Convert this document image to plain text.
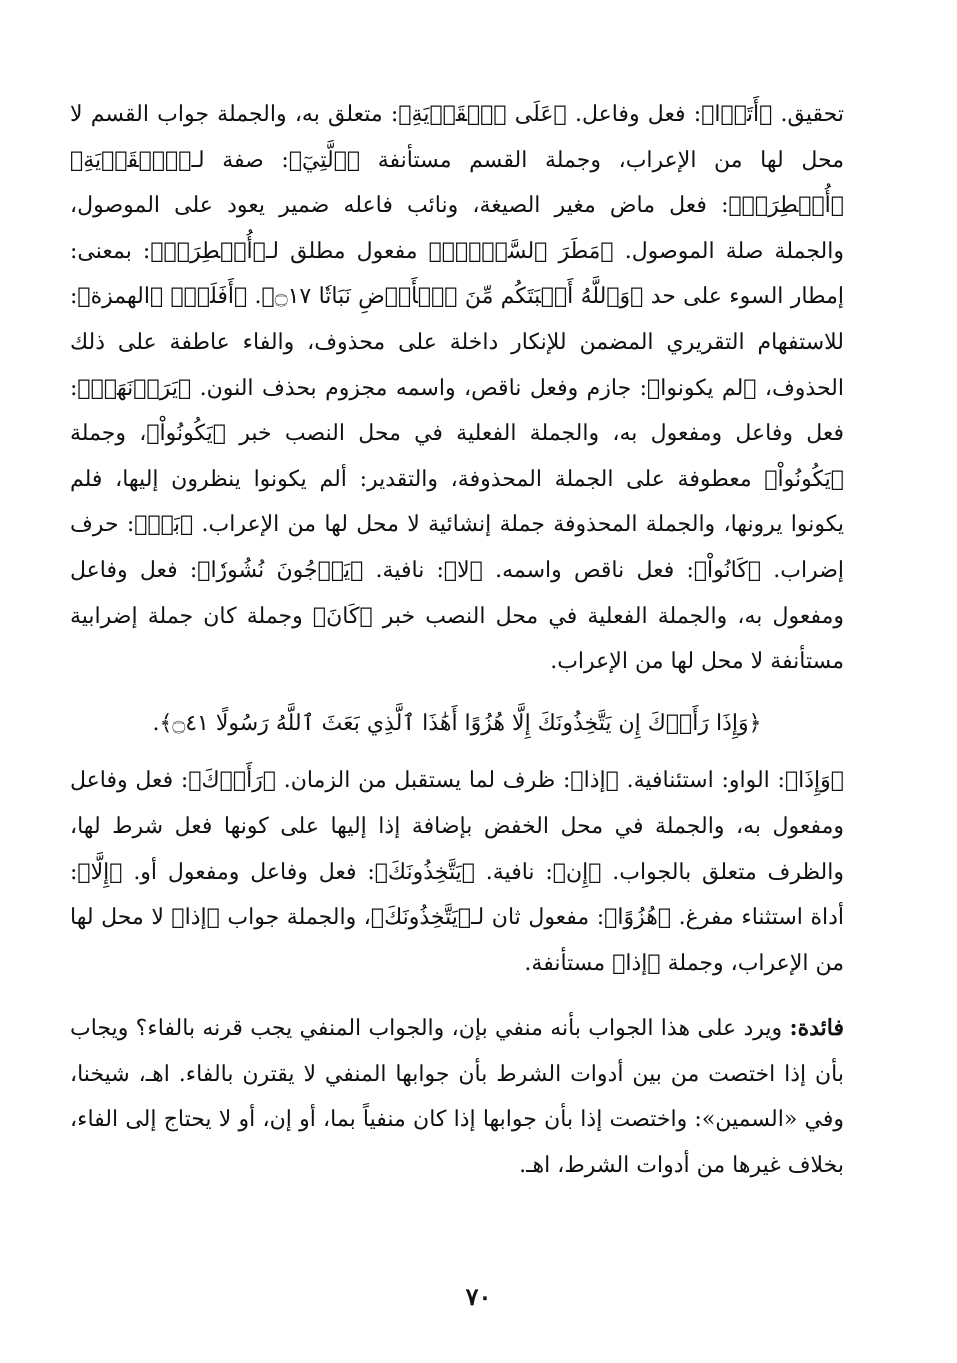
تحقيق. ﴿أَتَوۡا﴾: فعل وفاعل. ﴿عَلَى ٱلۡقَرۡيَةِ﴾: متعلق به، والجملة جواب القسم لا محل لها من الإعراب، وجملة القسم مستأنفة ﴿ٱلَّتِيٓ﴾: صفة لـ﴿ٱلۡقَرۡيَةِ﴾ ﴿أُمۡطِرَتۡ﴾: فعل ماض مغير الصيغة، ونائب فاعله ضمير يعود على الموصول، والجملة صلة الموصول. ﴿مَطَرَ ٱلسَّوۡءِۚ﴾ مفعول مطلق لـ﴿أُمۡطِرَتۡ﴾: بمعنى: إمطار السوء على حد ﴿وَٱللَّهُ أَنۢبَتَكُم مِّنَ ٱلۡأَرۡضِ نَبَاتٗا ۝١٧﴾. ﴿أَفَلَمۡ﴾ ﴿الهمزة﴾: للاستفهام التقريري المضمن للإنكار داخلة على محذوف، والفاء عاطفة على ذلك الحذوف، ﴿لم يكونوا﴾: جازم وفعل ناقص، واسمه مجزوم بحذف النون. ﴿يَرَوۡنَهَاۚ﴾: فعل وفاعل ومفعول به، والجملة الفعلية في محل النصب خبر ﴿يَكُونُواْ﴾، وجملة ﴿يَكُونُواْ﴾ معطوفة على الجملة المحذوفة، والتقدير: ألم يكونوا ينظرون إليها، فلم يكونوا يرونها، والجملة المحذوفة جملة إنشائية لا محل لها من الإعراب. ﴿بَلۡ﴾: حرف إضراب. ﴿كَانُواْ﴾: فعل ناقص واسمه. ﴿لا﴾: نافية. ﴿يَرۡجُونَ نُشُورٗا﴾: فعل وفاعل ومفعول به، والجملة الفعلية في محل النصب خبر ﴿كَانَ﴾ وجملة كان جملة إضرابية مستأنفة لا محل لها من الإعراب.

﴿وَإِذَا رَأَوۡكَ إِن يَتَّخِذُونَكَ إِلَّا هُزُوًا أَهَٰذَا ٱلَّذِي بَعَثَ ٱللَّهُ رَسُولًا ۝٤١﴾.

﴿وَإِذَا﴾: الواو: استئنافية. ﴿إذا﴾: ظرف لما يستقبل من الزمان. ﴿رَأَوۡكَ﴾: فعل وفاعل ومفعول به، والجملة في محل الخفض بإضافة إذا إليها على كونها فعل شرط لها، والظرف متعلق بالجواب. ﴿إِن﴾: نافية. ﴿يَتَّخِذُونَكَ﴾: فعل وفاعل ومفعول أو. ﴿إِلَّا﴾: أداة استثناء مفرغ. ﴿هُزُوًا﴾: مفعول ثان لـ﴿يَتَّخِذُونَكَ﴾، والجملة جواب ﴿إذا﴾ لا محل لها من الإعراب، وجملة ﴿إذا﴾ مستأنفة.

فائدة: ويرد على هذا الجواب بأنه منفي بإن، والجواب المنفي يجب قرنه بالفاء؟ ويجاب بأن إذا اختصت من بين أدوات الشرط بأن جوابها المنفي لا يقترن بالفاء. اهـ، شيخنا، وفي «السمين»: واختصت إذا بأن جوابها إذا كان منفياً بما، أو إن، أو لا يحتاج إلى الفاء، بخلاف غيرها من أدوات الشرط، اهـ.

٧٠
